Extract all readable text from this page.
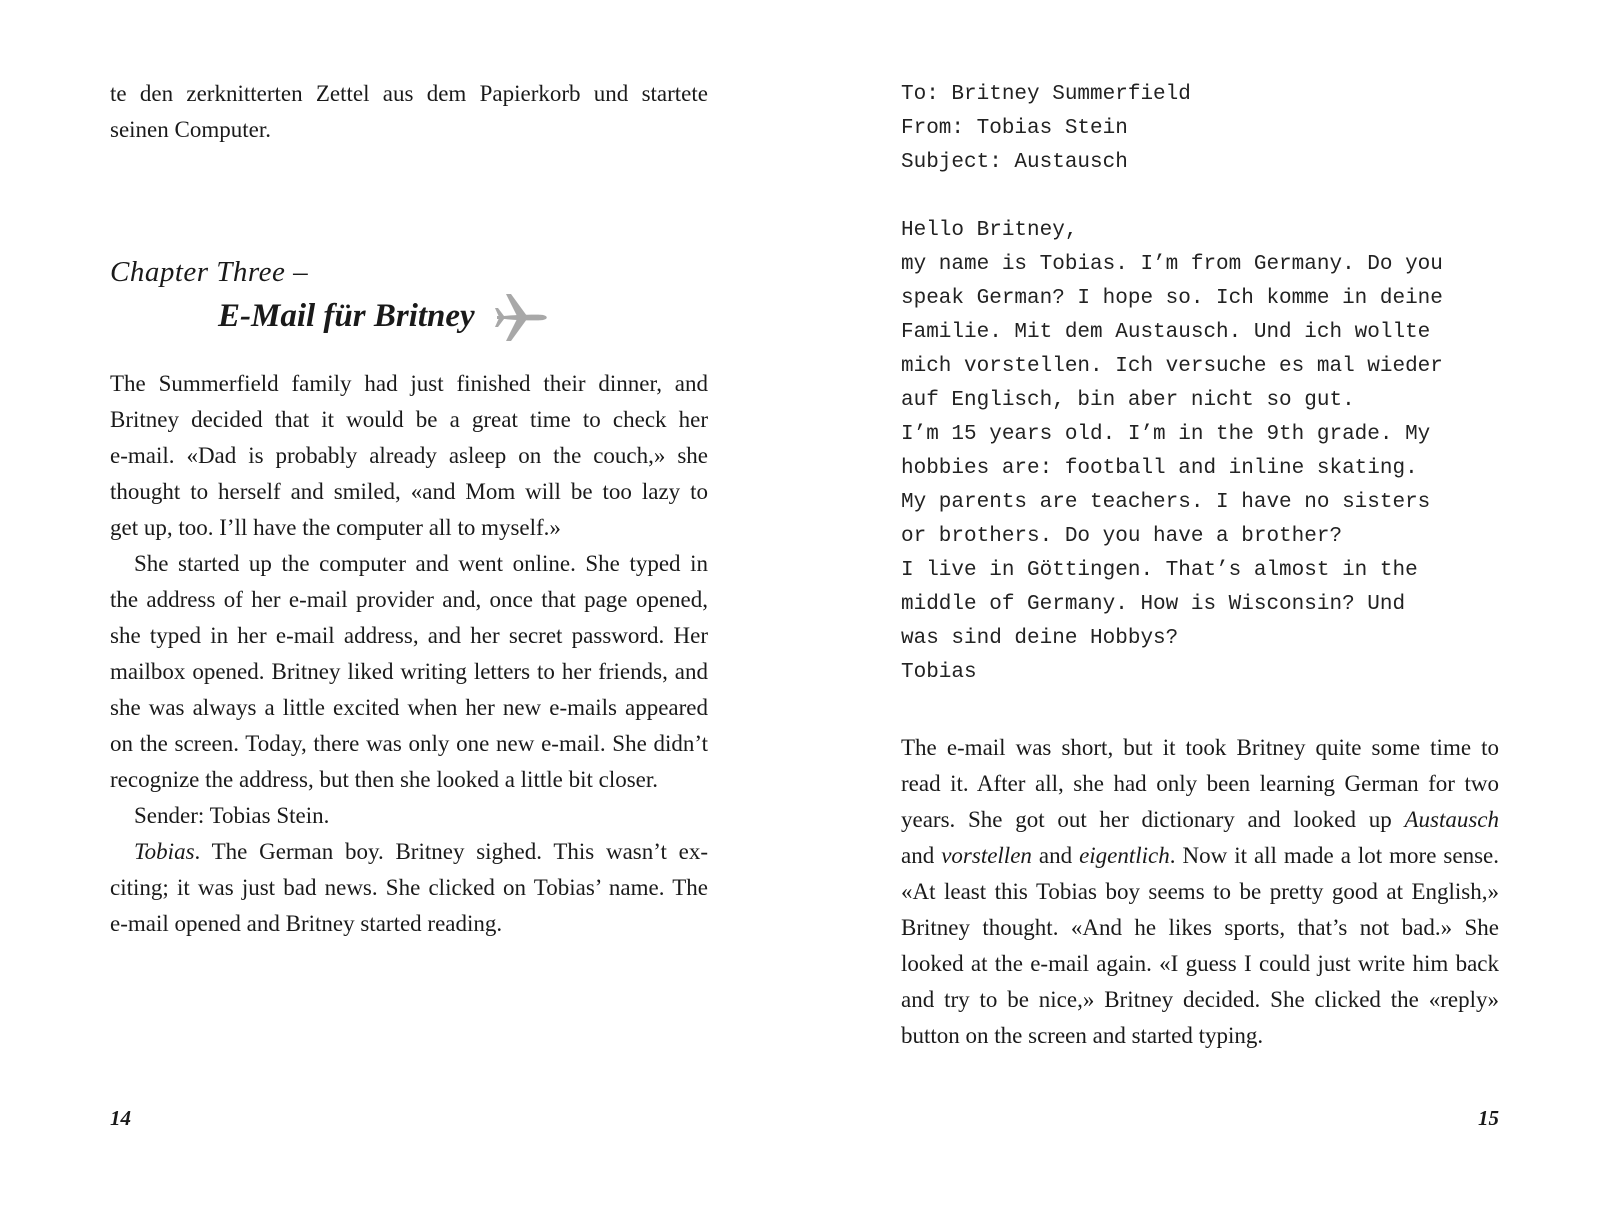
te den zerknitterten Zettel aus dem Papierkorb und startete
seinen Computer.

Chapter Three –
E-Mail für Britney

The Summerfield family had just finished their dinner, and
Britney decided that it would be a great time to check her
e-mail. «Dad is probably already asleep on the couch,» she
thought to herself and smiled, «and Mom will be too lazy to
get up, too. I’ll have the computer all to myself.»
She started up the computer and went online. She typed in
the address of her e-mail provider and, once that page opened,
she typed in her e-mail address, and her secret password. Her
mailbox opened. Britney liked writing letters to her friends, and
she was always a little excited when her new e-mails appeared
on the screen. Today, there was only one new e-mail. She didn’t
recognize the address, but then she looked a little bit closer.
Sender: Tobias Stein.
Tobias. The German boy. Britney sighed. This wasn’t ex-
citing; it was just bad news. She clicked on Tobias’ name. The
e-mail opened and Britney started reading.

14
To: Britney Summerfield
From: Tobias Stein
Subject: Austausch
Hello Britney,
my name is Tobias. I’m from Germany. Do you
speak German? I hope so. Ich komme in deine
Familie. Mit dem Austausch. Und ich wollte
mich vorstellen. Ich versuche es mal wieder
auf Englisch, bin aber nicht so gut.
I’m 15 years old. I’m in the 9th grade. My
hobbies are: football and inline skating.
My parents are teachers. I have no sisters
or brothers. Do you have a brother?
I live in Göttingen. That’s almost in the
middle of Germany. How is Wisconsin? Und
was sind deine Hobbys?
Tobias

The e-mail was short, but it took Britney quite some time to
read it. After all, she had only been learning German for two
years. She got out her dictionary and looked up Austausch
and vorstellen and eigentlich. Now it all made a lot more sense.
«At least this Tobias boy seems to be pretty good at English,»
Britney thought. «And he likes sports, that’s not bad.» She
looked at the e-mail again. «I guess I could just write him back
and try to be nice,» Britney decided. She clicked the «reply»
button on the screen and started typing.

15
